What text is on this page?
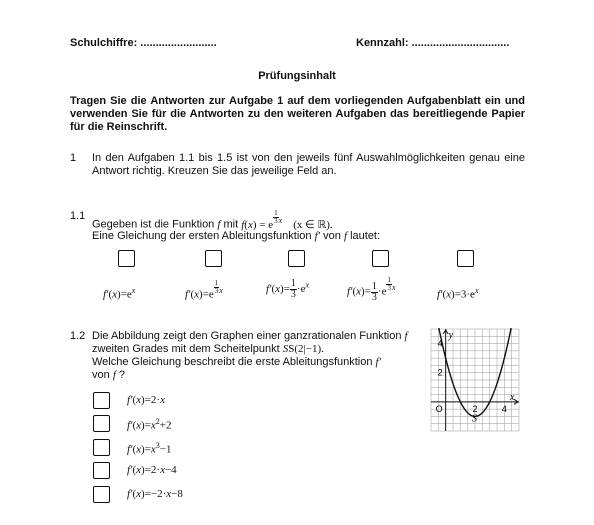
Schulchiffre: .........................	Kennzahl: ................................
Prüfungsinhalt
Tragen Sie die Antworten zur Aufgabe 1 auf dem vorliegenden Aufgabenblatt ein und verwenden Sie für die Antworten zu den weiteren Aufgaben das bereitliegende Papier für die Reinschrift.
1 In den Aufgaben 1.1 bis 1.5 ist von den jeweils fünf Auswahlmöglichkeiten genau eine Antwort richtig. Kreuzen Sie das jeweilige Feld an.
1.1
Gegeben ist die Funktion f mit f(x) = e $^{\frac{1}{3} x}$ (x ∈ ℝ).
Eine Gleichung der ersten Ableitungsfunktion f′ von f lautet:
$f'(x)=e^x$	f′(x)=e $^{\frac{1}{3} x}$	$f'(x)= \frac{1}{3} \cdot e^x$
$f'(x)= \frac{1}{3} \cdot e$ $^{\frac{1}{3} x}$
$f'(x)=3\cdot e^x$
1.2 Die Abbildung zeigt den Graphen einer ganzrationalen Funktion f
zweiten Grades mit dem Scheitelpunkt SS(2|−1).
Welche Gleichung beschreibt die erste Ableitungsfunktion f′
von f ?
f′(x)=2·x
$f'(x)=x^2+2$
$f'(x)=x^3-1$
f′(x)=2·x−4
f′(x)=−2·x−8
y
x
O	2	4
2
4
S
